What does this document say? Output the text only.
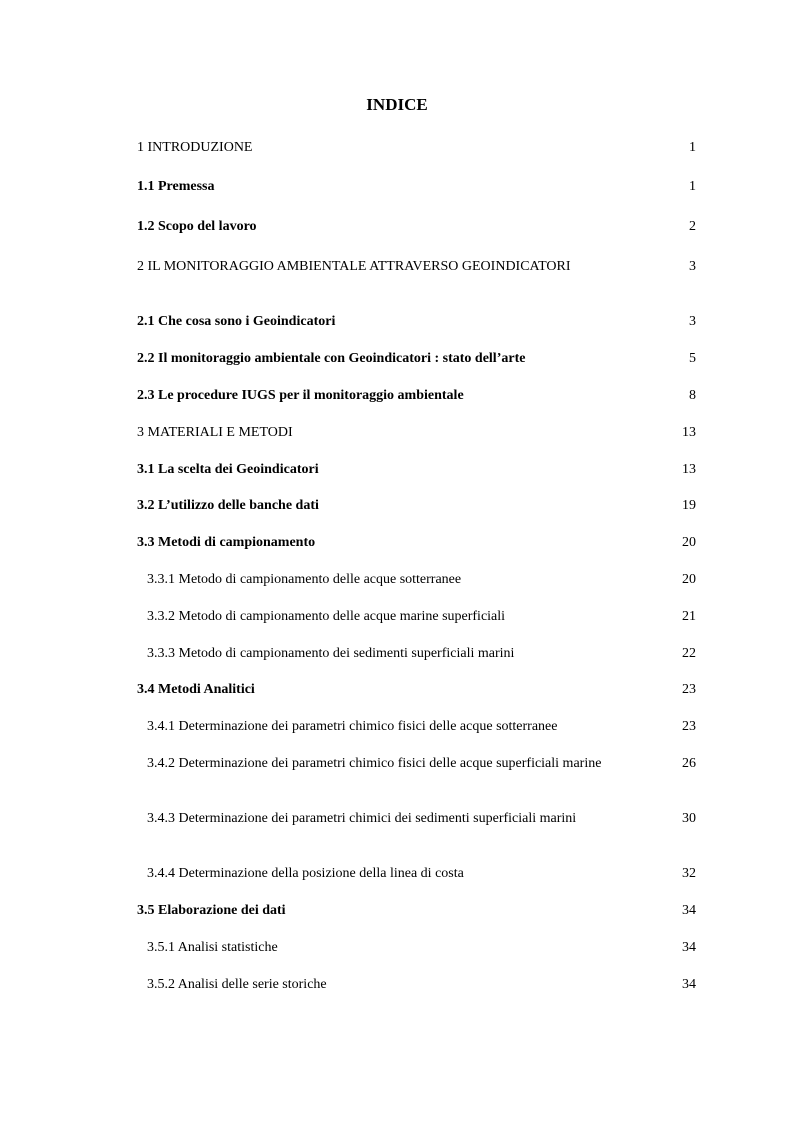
INDICE
1 INTRODUZIONE	1
1.1 Premessa	1
1.2 Scopo del lavoro	2
2 IL MONITORAGGIO AMBIENTALE ATTRAVERSO GEOINDICATORI	3
2.1 Che cosa sono i Geoindicatori	3
2.2 Il monitoraggio ambientale con Geoindicatori : stato dell’arte	5
2.3 Le procedure IUGS per il monitoraggio ambientale	8
3 MATERIALI E METODI	13
3.1 La scelta dei Geoindicatori	13
3.2 L’utilizzo delle banche dati	19
3.3 Metodi di campionamento	20
3.3.1 Metodo di campionamento delle acque sotterranee	20
3.3.2 Metodo di campionamento delle acque marine superficiali	21
3.3.3 Metodo di campionamento dei sedimenti superficiali marini	22
3.4 Metodi Analitici	23
3.4.1 Determinazione dei parametri chimico fisici delle acque sotterranee	23
3.4.2 Determinazione dei parametri chimico fisici delle acque superficiali marine	26
3.4.3 Determinazione dei parametri chimici dei sedimenti superficiali marini	30
3.4.4 Determinazione della posizione della linea di costa	32
3.5 Elaborazione dei dati	34
3.5.1 Analisi statistiche	34
3.5.2 Analisi delle serie storiche	34
